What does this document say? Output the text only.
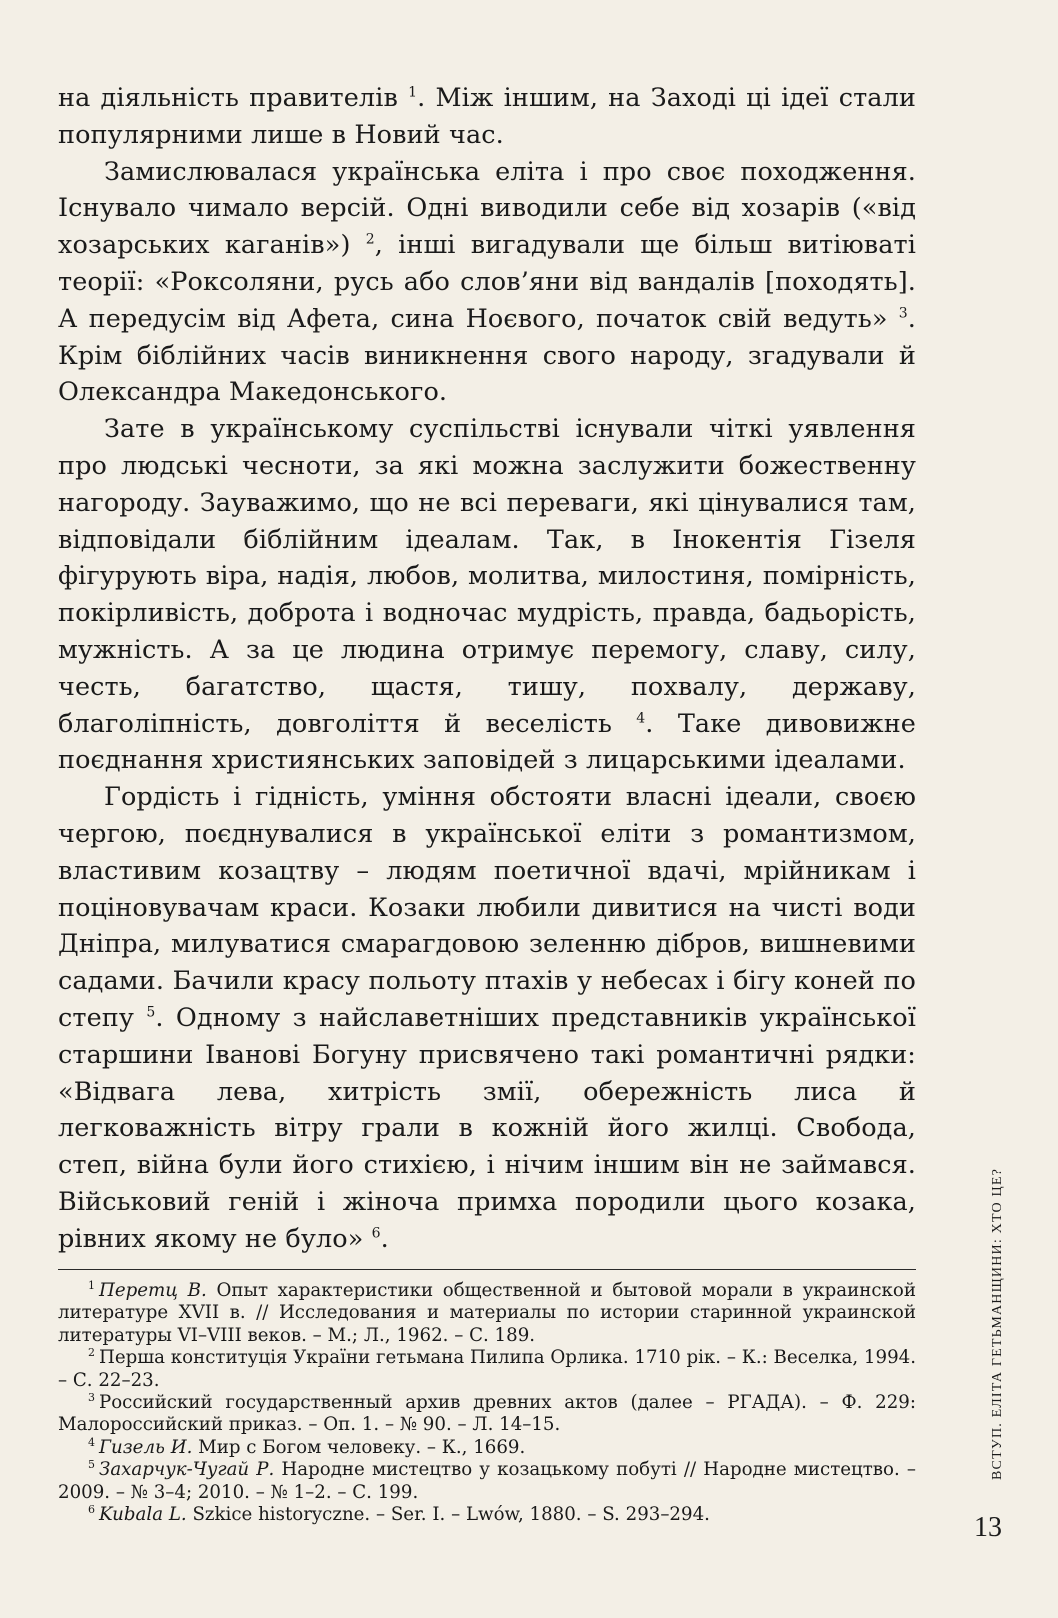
на діяльність правителів $^1$. Між іншим, на Заході ці ідеї стали популярними лише в Новий час.

Замислювалася українська еліта і про своє походження. Існувало чимало версій. Одні виводили себе від хозарів («від хозарських каганів») $^2$, інші вигадували ще більш витіюваті теорії: «Роксоляни, русь або слов’яни від вандалів [походять]. А передусім від Афета, сина Ноєвого, початок свій ведуть» $^3$. Крім біблійних часів виникнення свого народу, згадували й Олександра Македонського.

Зате в українському суспільстві існували чіткі уявлення про людські чесноти, за які можна заслужити божественну нагороду. Зауважимо, що не всі переваги, які цінувалися там, відповідали біблійним ідеалам. Так, в Інокентія Гізеля фігурують віра, надія, любов, молитва, милостиня, помірність, покірливість, доброта і водночас мудрість, правда, бадьорість, мужність. А за це людина отримує перемогу, славу, силу, честь, багатство, щастя, тишу, похвалу, державу, благоліпність, довголіття й веселість $^4$. Таке дивовижне поєднання християнських заповідей з лицарськими ідеалами.

Гордість і гідність, уміння обстояти власні ідеали, своєю чергою, поєднувалися в української еліти з романтизмом, властивим козацтву – людям поетичної вдачі, мрійникам і поціновувачам краси. Козаки любили дивитися на чисті води Дніпра, милуватися смарагдовою зеленню дібров, вишневими садами. Бачили красу польоту птахів у небесах і бігу коней по степу $^5$. Одному з найславетніших представників української старшини Іванові Богуну присвячено такі романтичні рядки: «Відвага лева, хитрість змії, обережність лиса й легковажність вітру грали в кожній його жилці. Свобода, степ, війна були його стихією, і нічим іншим він не займався. Військовий геній і жіноча примха породили цього козака, рівних якому не було» $^6$.

$^1$ Перетц В. Опыт характеристики общественной и бытовой морали в украинской литературе XVII в. // Исследования и материалы по истории старинной украинской литературы VI–VIII веков. – М.; Л., 1962. – С. 189.

$^2$ Перша конституція України гетьмана Пилипа Орлика. 1710 рік. – К.: Веселка, 1994. – С. 22–23.

$^3$ Российский государственный архив древних актов (далее – РГАДА). – Ф. 229: Малороссийский приказ. – Оп. 1. – № 90. – Л. 14–15.

$^4$ Гизель И. Мир с Богом человеку. – К., 1669.

$^5$ Захарчук-Чугай Р. Народне мистецтво у козацькому побуті // Народне мистецтво. – 2009. – № 3–4; 2010. – № 1–2. – С. 199.

$^6$ Kubala L. Szkice historyczne. – Ser. I. – Lwów, 1880. – S. 293–294.

ВСТУП. ЕЛІТА ГЕТЬМАНЩИНИ: ХТО ЦЕ?
13
